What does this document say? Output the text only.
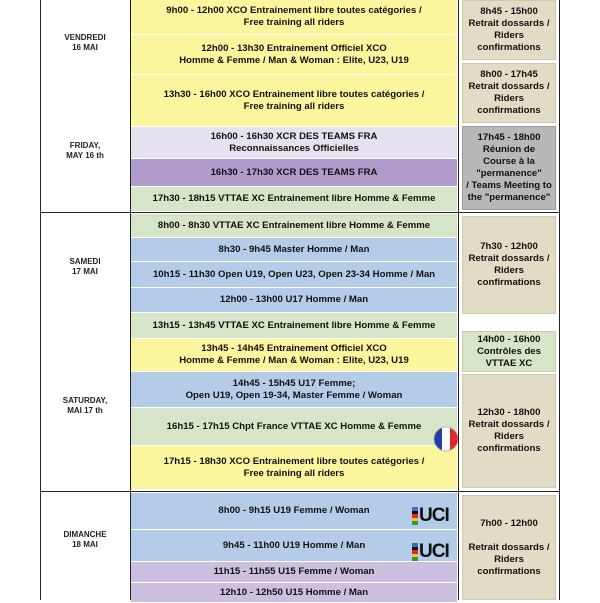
VENDREDI
16 MAI
FRIDAY,
MAY 16 th
SAMEDI
17 MAI
SATURDAY,
MAI 17 th
DIMANCHE
18 MAI
9h00 - 12h00 XCO Entrainement libre toutes catégories /
Free training all riders
12h00 - 13h30 Entrainement Officiel XCO
Homme & Femme / Man & Woman : Elite, U23, U19
13h30 - 16h00 XCO Entrainement libre toutes catégories /
Free training all riders
16h00 - 16h30 XCR DES TEAMS FRA
Reconnaissances Officielles
16h30 - 17h30 XCR DES TEAMS FRA
17h30 - 18h15 VTTAE XC Entrainement libre Homme & Femme
8h00 - 8h30 VTTAE XC Entrainement libre Homme & Femme
8h30 - 9h45 Master Homme / Man
10h15 - 11h30 Open U19, Open U23, Open 23-34 Homme / Man
12h00 - 13h00 U17 Homme / Man
13h15 - 13h45 VTTAE XC Entrainement libre Homme & Femme
13h45 - 14h45 Entrainement Officiel XCO
Homme & Femme / Man & Woman : Elite, U23, U19
14h45 - 15h45 U17 Femme;
Open U19, Open 19-34, Master Femme / Woman
16h15 - 17h15 Chpt France VTTAE XC Homme & Femme
17h15 - 18h30 XCO Entrainement libre toutes catégories /
Free training all riders
8h00 - 9h15 U19 Femme / Woman
9h45 - 11h00 U19 Homme / Man
11h15 - 11h55 U15 Femme / Woman
12h10 - 12h50 U15 Homme / Man
8h45 - 15h00
Retrait dossards /
Riders
confirmations
8h00 - 17h45
Retrait dossards /
Riders
confirmations
17h45 - 18h00
Réunion de
Course à la
"permanence"
/ Teams Meeting to
the "permanence"
7h30 - 12h00
Retrait dossards /
Riders
confirmations
14h00 - 16h00
Contrôles des
VTTAE XC
12h30 - 18h00
Retrait dossards /
Riders
confirmations
7h00 - 12h00

Retrait dossards /
Riders
confirmations
UCI
UCI
